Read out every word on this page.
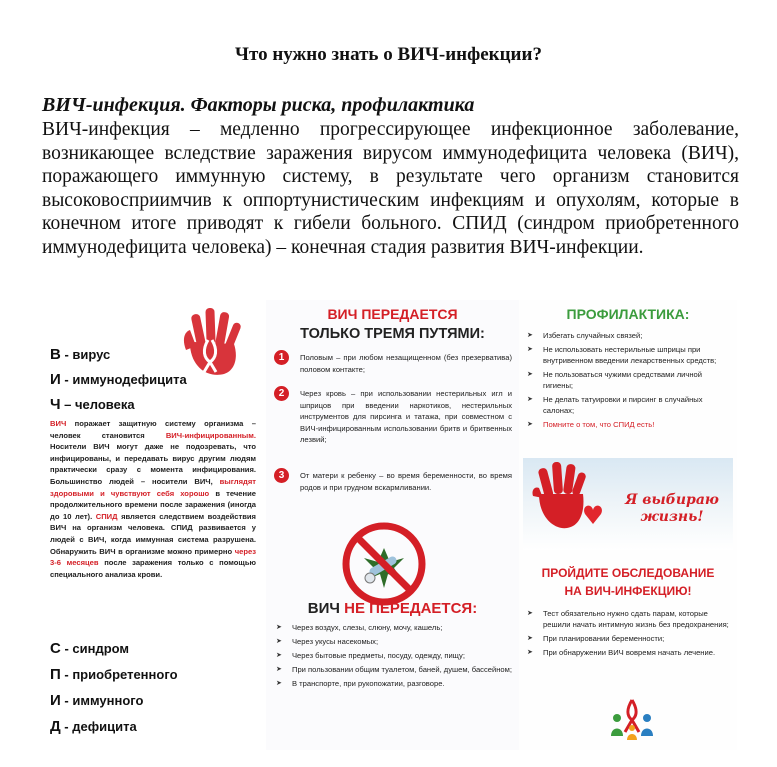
Что нужно знать о ВИЧ-инфекции?
ВИЧ-инфекция. Факторы риска, профилактика

ВИЧ-инфекция – медленно прогрессирующее инфекционное заболевание, возникающее вследствие заражения вирусом иммунодефицита человека (ВИЧ), поражающего иммунную систему, в результате чего организм становится высоковосприимчив к оппортунистическим инфекциям и опухолям, которые в конечном итоге приводят к гибели больного. СПИД (синдром приобретенного иммунодефицита человека) – конечная стадия развития ВИЧ-инфекции.

В - вирус
И - иммунодефицита
Ч – человека

ВИЧ поражает защитную систему организма – человек становится ВИЧ-инфицированным. Носители ВИЧ могут даже не подозревать, что инфицированы, и передавать вирус другим людям практически сразу с момента инфицирования. Большинство людей – носители ВИЧ, выглядят здоровыми и чувствуют себя хорошо в течение продолжительного времени после заражения (иногда до 10 лет). СПИД является следствием воздействия ВИЧ на организм человека. СПИД развивается у людей с ВИЧ, когда иммунная система разрушена. Обнаружить ВИЧ в организме можно примерно через 3-6 месяцев после заражения только с помощью специального анализа крови.

С - синдром
П - приобретенного
И - иммунного
Д - дефицита
ВИЧ ПЕРЕДАЕТСЯ
ТОЛЬКО ТРЕМЯ ПУТЯМИ:
1	Половым – при любом незащищенном (без презерватива) половом контакте;

2	Через кровь – при использовании нестерильных игл и шприцов при введении наркотиков, нестерильных инструментов для пирсинга и татажа, при совместном с ВИЧ-инфицированным использовании бритв и бритвенных лезвий;

3	От матери к ребенку – во время беременности, во время родов и при грудном вскармливании.

ВИЧ НЕ ПЕРЕДАЕТСЯ:
➤ Через воздух, слезы, слюну, мочу, кашель;
➤ Через укусы насекомых;
➤ Через бытовые предметы, посуду, одежду, пищу;
➤ При пользовании общим туалетом, баней, душем, бассейном;
➤ В транспорте, при рукопожатии, разговоре.
ПРОФИЛАКТИКА:
➤ Избегать случайных связей;
➤ Не использовать нестерильные шприцы при внутривенном введении лекарственных средств;
➤ Не пользоваться чужими средствами личной гигиены;
➤ Не делать татуировки и пирсинг в случайных салонах;
➤ Помните о том, что СПИД есть!
Я выбираю жизнь!
ПРОЙДИТЕ ОБСЛЕДОВАНИЕ
НА ВИЧ-ИНФЕКЦИЮ!
➤ Тест обязательно нужно сдать парам, которые решили начать интимную жизнь без предохранения;
➤ При планировании беременности;
➤ При обнаружении ВИЧ вовремя начать лечение.
